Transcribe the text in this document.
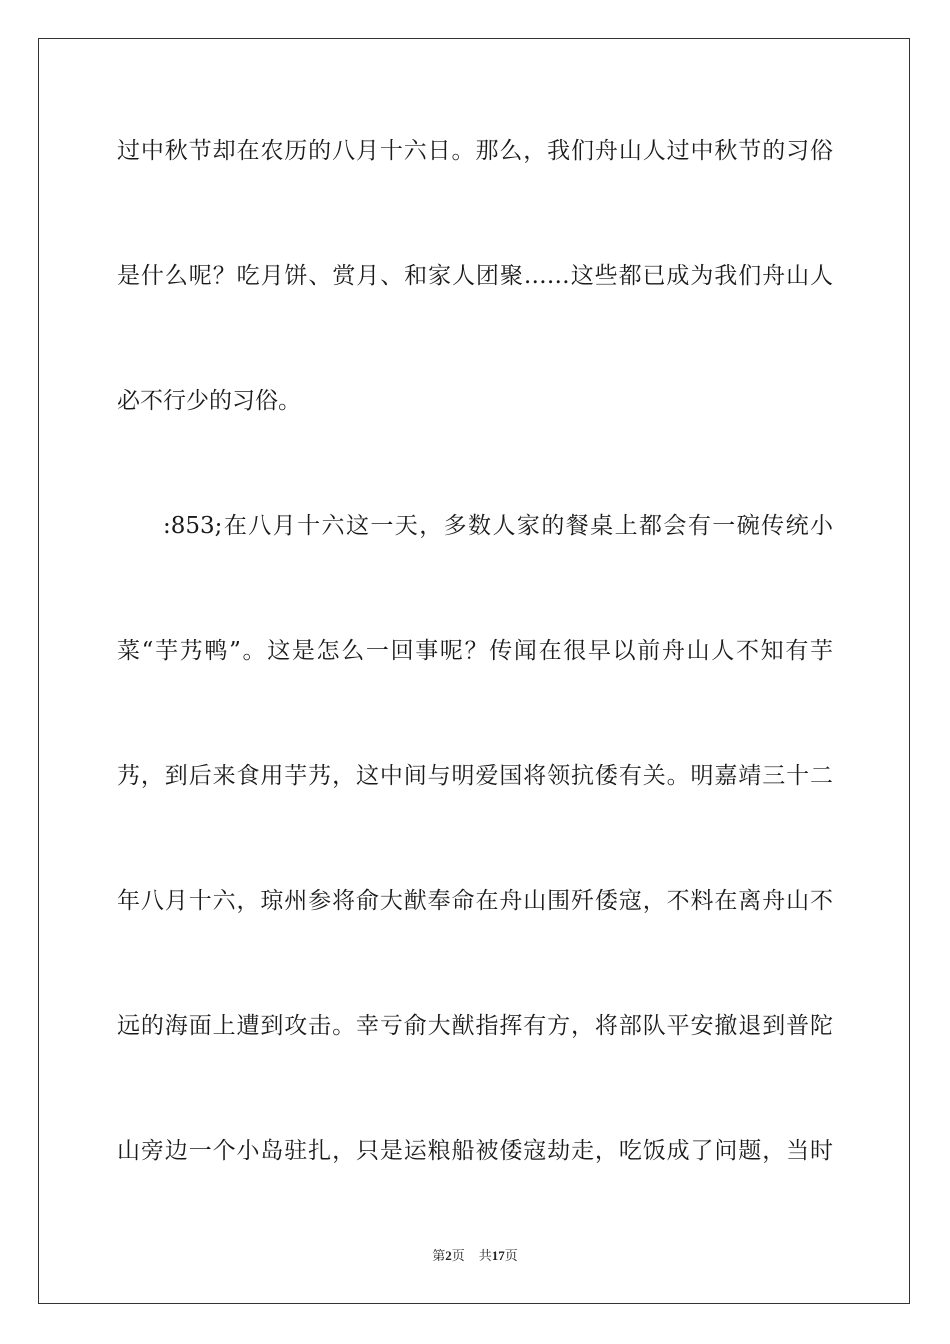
过中秋节却在农历的八月十六日。那么，我们舟山人过中秋节的习俗
是什么呢？吃月饼、赏月、和家人团聚……这些都已成为我们舟山人
必不行少的习俗。
:853;在八月十六这一天，多数人家的餐桌上都会有一碗传统小
菜“芋艿鸭”。这是怎么一回事呢？传闻在很早以前舟山人不知有芋
艿，到后来食用芋艿，这中间与明爱国将领抗倭有关。明嘉靖三十二
年八月十六，琼州参将俞大猷奉命在舟山围歼倭寇，不料在离舟山不
远的海面上遭到攻击。幸亏俞大猷指挥有方，将部队平安撤退到普陀
山旁边一个小岛驻扎，只是运粮船被倭寇劫走，吃饭成了问题，当时
第2页 共17页
